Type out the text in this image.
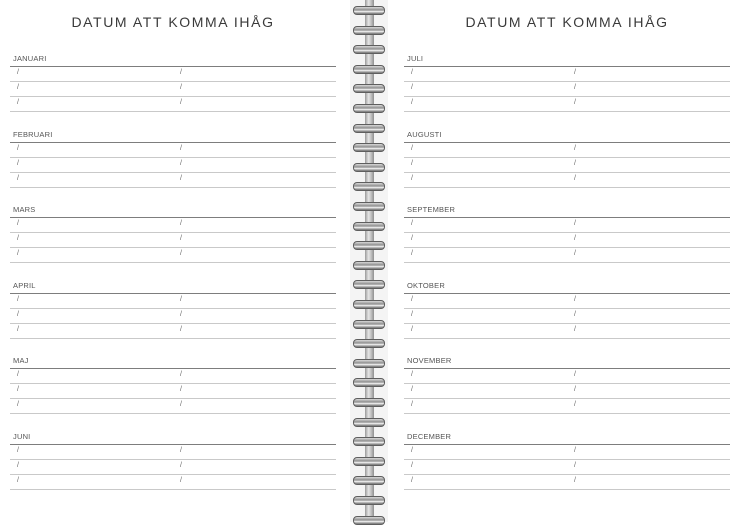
DATUM ATT KOMMA IHÅG
JANUARI
/	/
/	/
/	/
FEBRUARI
/	/
/	/
/	/
MARS
/	/
/	/
/	/
APRIL
/	/
/	/
/	/
MAJ
/	/
/	/
/	/
JUNI
/	/
/	/
/	/
DATUM ATT KOMMA IHÅG
JULI
/	/
/	/
/	/
AUGUSTI
/	/
/	/
/	/
SEPTEMBER
/	/
/	/
/	/
OKTOBER
/	/
/	/
/	/
NOVEMBER
/	/
/	/
/	/
DECEMBER
/	/
/	/
/	/
